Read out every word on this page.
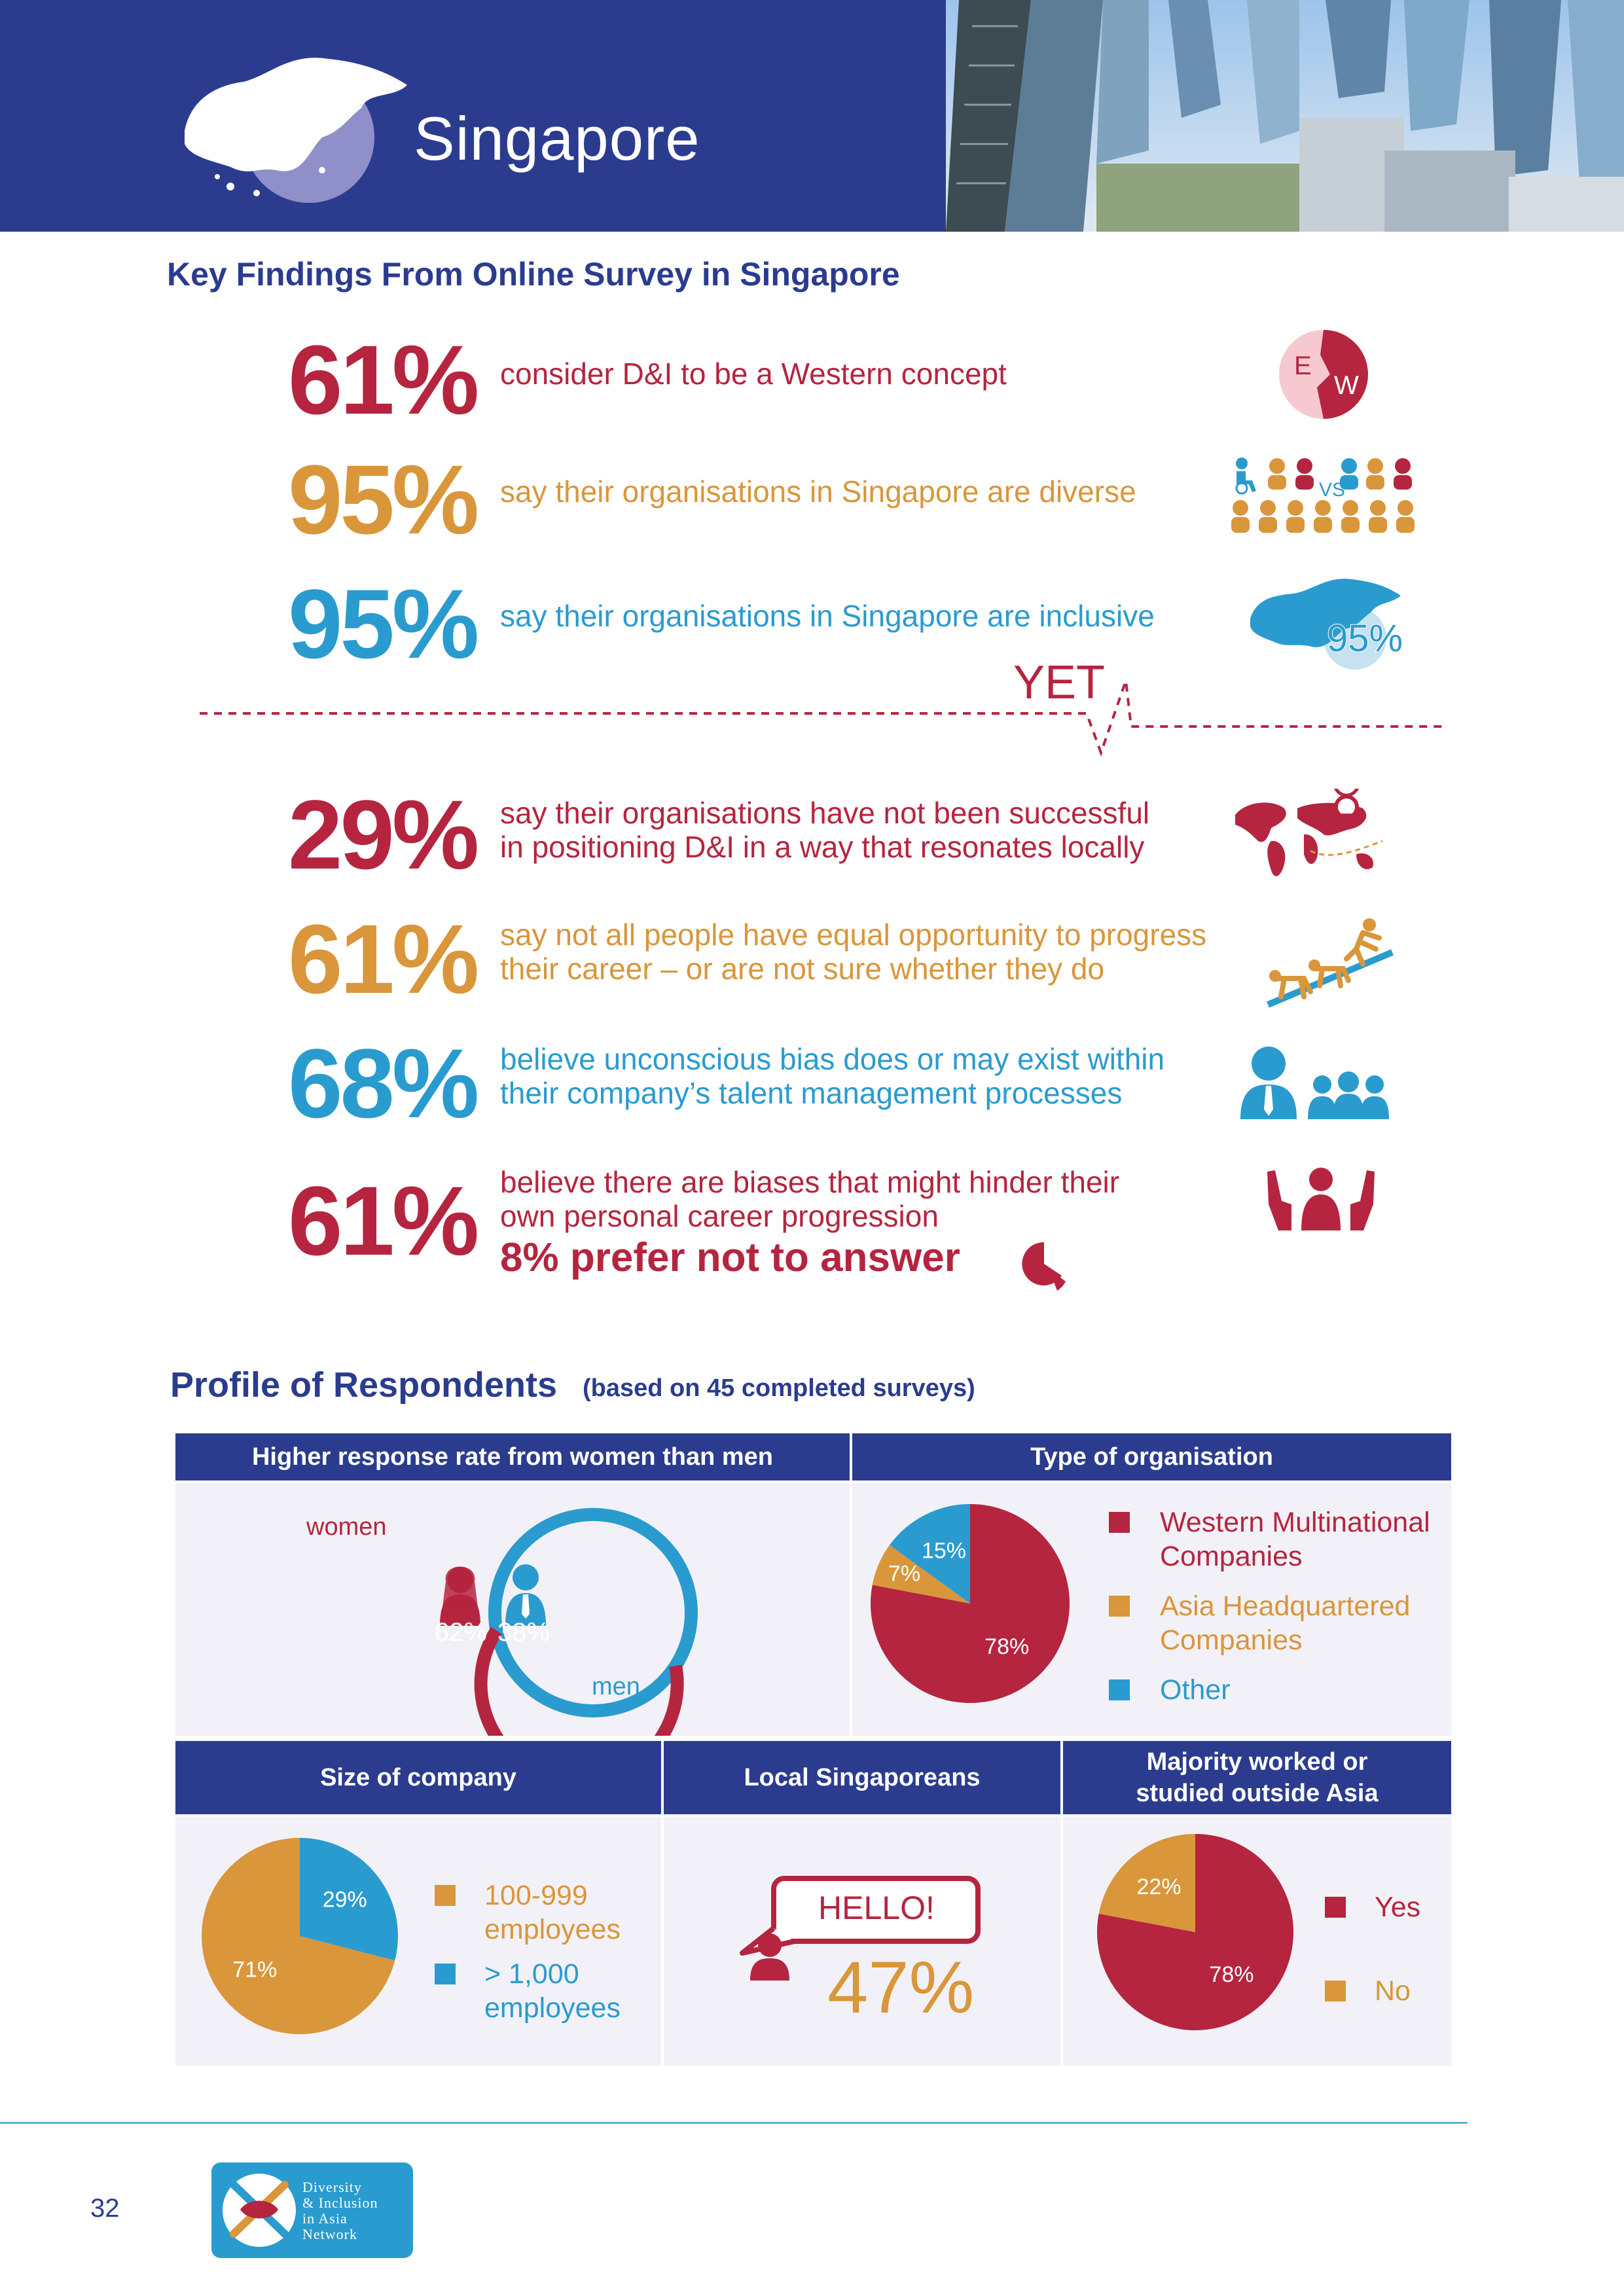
Singapore
Key Findings From Online Survey in Singapore
61% consider D&I to be a Western concept
95% say their organisations in Singapore are diverse
95% say their organisations in Singapore are inclusive
E
W
VS
95%
YET
29% say their organisations have not been successful
in positioning D&I in a way that resonates locally
61% say not all people have equal opportunity to progress
their career – or are not sure whether they do
68% believe unconscious bias does or may exist within
their company’s talent management processes
61% believe there are biases that might hinder their
own personal career progression
8% prefer not to answer
Profile of Respondents (based on 45 completed surveys)
Higher response rate from women than men
women
men
62% 38%
Type of organisation
78%
7%
15%
Western Multinational
Companies
Asia Headquartered
Companies
Other
Size of company
71%
29%	100-999
employees
> 1,000
employees
Local Singaporeans
HELLO!
47%
Majority worked or
studied outside Asia
78%
22%
Yes
No
32
Diversity
& Inclusion
in Asia
Network
